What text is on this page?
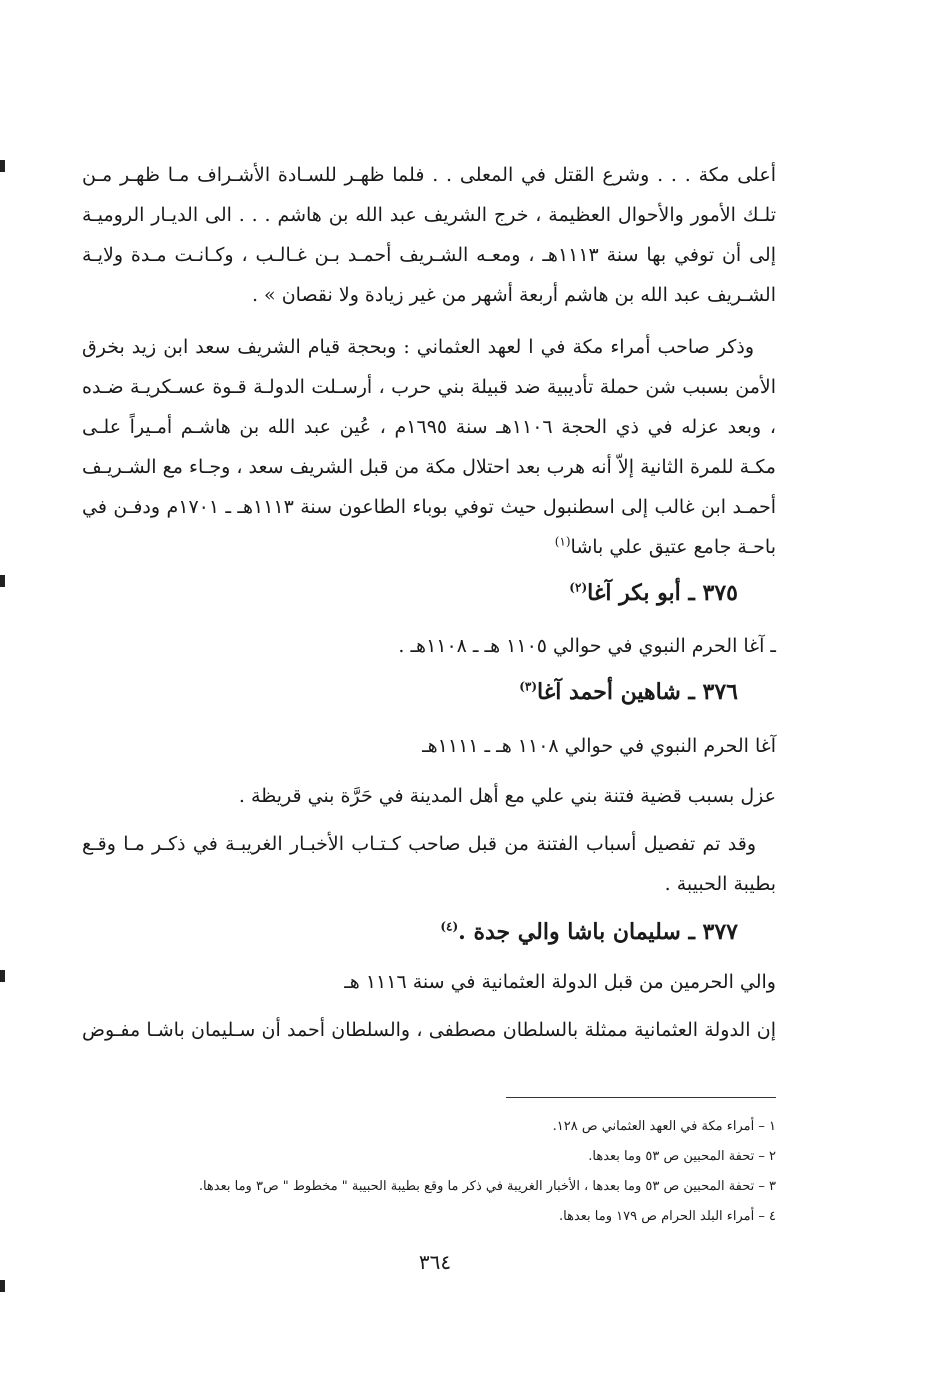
أعلى مكة . . . وشرع القتل في المعلى . . فلما ظهـر للسـادة الأشـراف مـا ظهـر مـن تلـك الأمور والأحوال العظيمة ، خرج الشريف عبد الله بن هاشم . . . الى الديـار الروميـة إلى أن توفي بها سنة ١١١٣هـ ، ومعـه الشـريف أحمـد بـن غـالـب ، وكـانـت مـدة ولايـة الشـريف عبد الله بن هاشم أربعة أشهر من غير زيادة ولا نقصان » .

وذكر صاحب أمراء مكة في ا لعهد العثماني : وبحجة قيام الشريف سعد ابن زيد بخرق الأمن بسبب شن حملة تأديبية ضد قبيلة بني حرب ، أرسـلت الدولـة قـوة عسـكريـة ضـده ، وبعد عزله في ذي الحجة ١١٠٦هـ سنة ١٦٩٥م ، عُين عبد الله بن هاشـم أمـيراً علـى مكـة للمرة الثانية إلاّ أنه هرب بعد احتلال مكة من قبل الشريف سعد ، وجـاء مع الشـريـف أحمـد ابن غالب إلى اسطنبول حيث توفي بوباء الطاعون سنة ١١١٣هـ ـ ١٧٠١م ودفـن في باحـة جامع عتيق علي باشا$^{(١)}$

٣٧٥ ـ أبو بكر آغا$^{(٢)}$
ـ آغا الحرم النبوي في حوالي ١١٠٥ هـ ـ ١١٠٨هـ .
٣٧٦ ـ شاهين أحمد آغا$^{(٣)}$
آغا الحرم النبوي في حوالي ١١٠٨ هـ ـ ١١١١هـ
عزل بسبب قضية فتنة بني علي مع أهل المدينة في حَرَّة بني قريظة .

وقد تم تفصيل أسباب الفتنة من قبل صاحب كـتـاب الأخبـار الغريبـة في ذكـر مـا وقـع بطيبة الحبيبة .

٣٧٧ ـ سليمان باشا والي جدة .$^{(٤)}$
والي الحرمين من قبل الدولة العثمانية في سنة ١١١٦ هـ
إن الدولة العثمانية ممثلة بالسلطان مصطفى ، والسلطان أحمد أن سـليمان باشـا مفـوض
١ – أمراء مكة في العهد العثماني ص ١٢٨.
٢ – تحفة المحبين ص ٥٣ وما بعدها.
٣ – تحفة المحبين ص ٥٣ وما بعدها ، الأخبار الغريبة في ذكر ما وقع بطيبة الحبيبة " مخطوط " ص٣ وما بعدها.
٤ – أمراء البلد الحرام ص ١٧٩ وما بعدها.
٣٦٤
